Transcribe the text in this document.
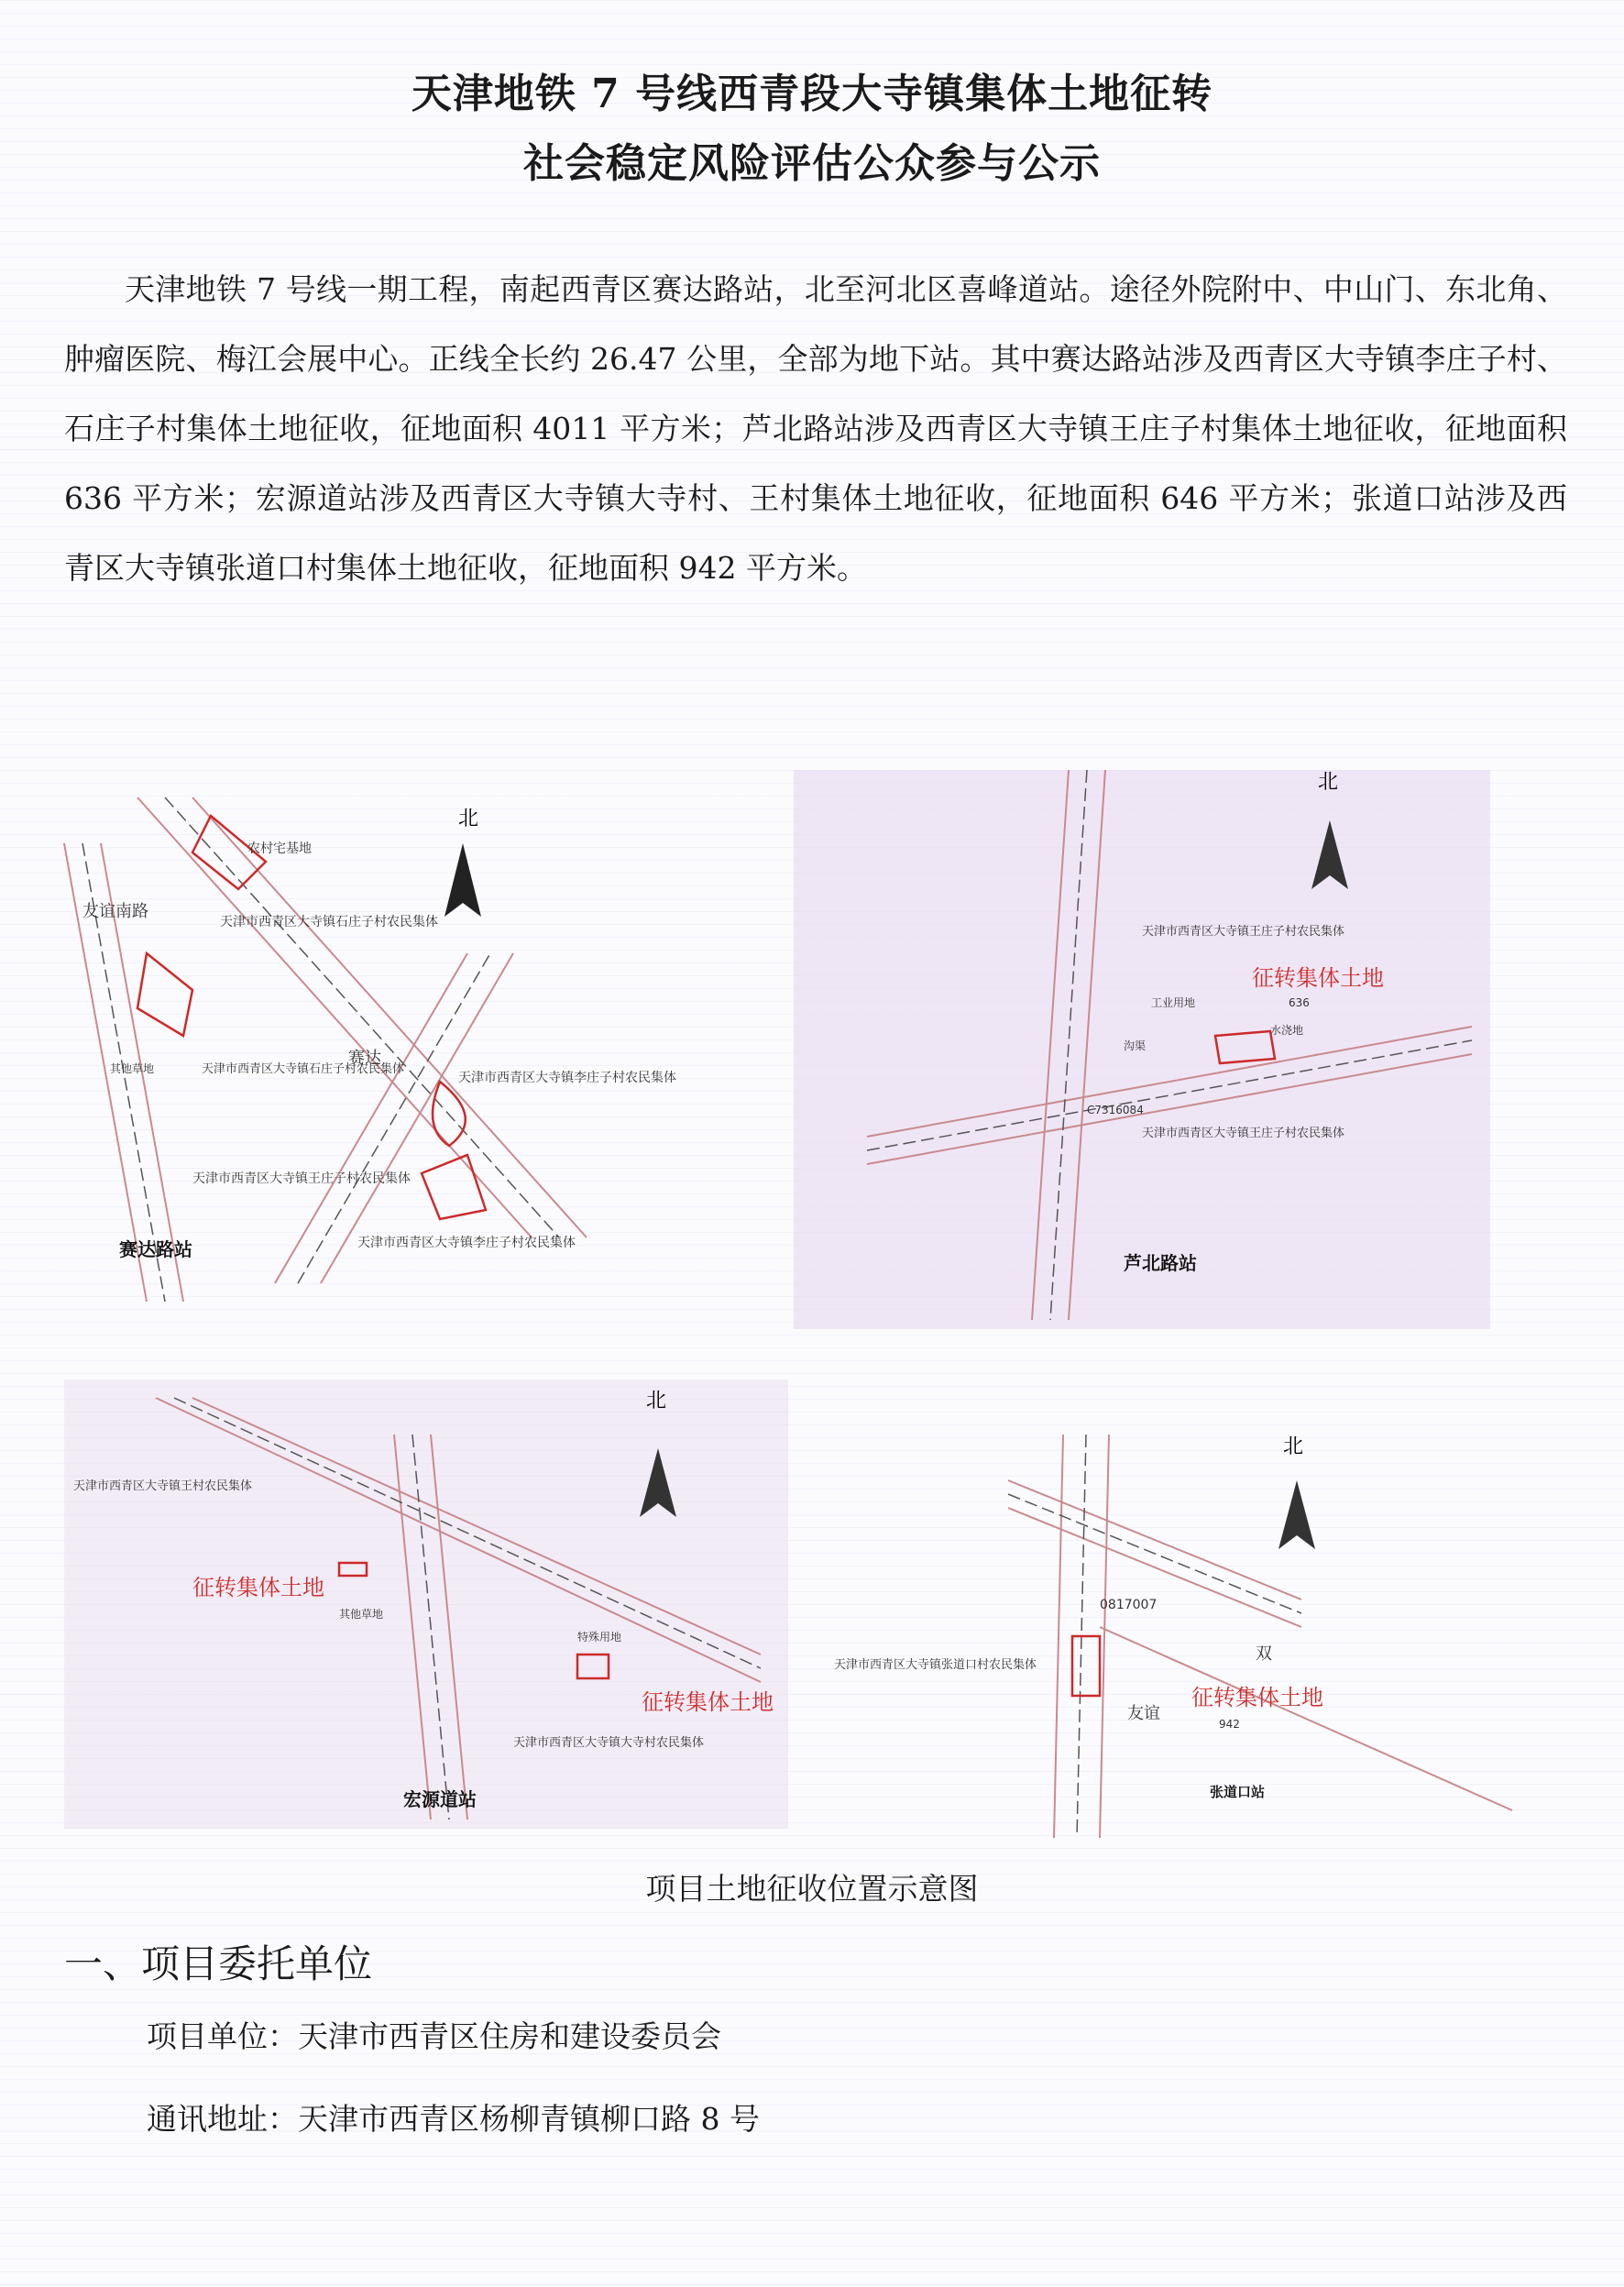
天津地铁 7 号线西青段大寺镇集体土地征转
社会稳定风险评估公众参与公示
天津地铁 7 号线一期工程，南起西青区赛达路站，北至河北区喜峰道站。途径外院附中、中山门、东北角、肿瘤医院、梅江会展中心。正线全长约 26.47 公里，全部为地下站。其中赛达路站涉及西青区大寺镇李庄子村、石庄子村集体土地征收，征地面积 4011 平方米；芦北路站涉及西青区大寺镇王庄子村集体土地征收，征地面积 636 平方米；宏源道站涉及西青区大寺镇大寺村、王村集体土地征收，征地面积 646 平方米；张道口站涉及西青区大寺镇张道口村集体土地征收，征地面积 942 平方米。
北
农村宅基地
天津市西青区大寺镇石庄子村农民集体
其他草地	天津市西青区大寺镇石庄子村农民集体
天津市西青区大寺镇李庄子村农民集体
天津市西青区大寺镇王庄子村农民集体
天津市西青区大寺镇李庄子村农民集体
友谊南路
赛达
赛达路站
北
天津市西青区大寺镇王庄子村农民集体
征转集体土地
636
工业用地
沟渠
水浇地
C7316084
天津市西青区大寺镇王庄子村农民集体
芦北路站
北
天津市西青区大寺镇王村农民集体
征转集体土地
其他草地
特殊用地
征转集体土地
天津市西青区大寺镇大寺村农民集体
宏源道站
北
0817007
天津市西青区大寺镇张道口村农民集体
征转集体土地
942
友谊
双
张道口站
项目土地征收位置示意图
一、项目委托单位
项目单位：天津市西青区住房和建设委员会
通讯地址：天津市西青区杨柳青镇柳口路 8 号
